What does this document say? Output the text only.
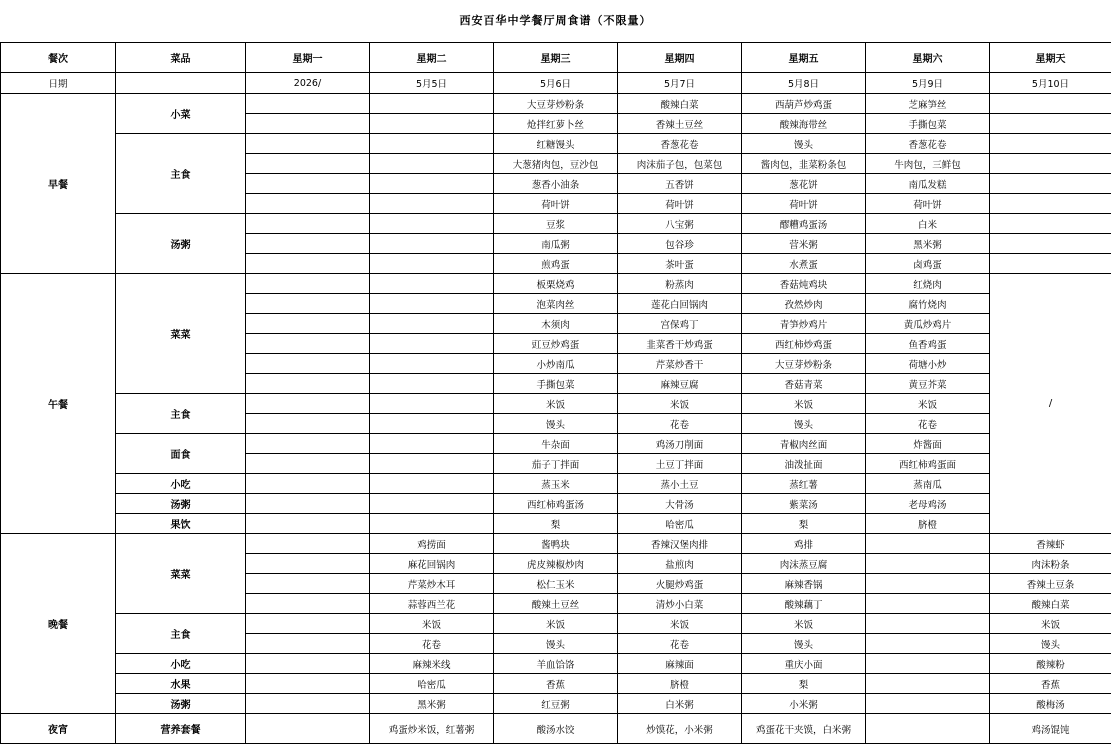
西安百华中学餐厅周食谱（不限量）
餐次	菜品	星期一	星期二	星期三	星期四	星期五	星期六	星期天
日期		2026/	5月5日	5月6日	5月7日	5月8日	5月9日	5月10日
早餐	小菜			大豆芽炒粉条	酸辣白菜	西葫芦炒鸡蛋	芝麻笋丝	
				炝拌红萝卜丝	香辣土豆丝	酸辣海带丝	手撕包菜	
	主食			红糖馒头	香葱花卷	馒头	香葱花卷	
				大葱猪肉包，豆沙包	肉沫茄子包，包菜包	酱肉包，韭菜粉条包	牛肉包，三鲜包	
				葱香小油条	五香饼	葱花饼	南瓜发糕	
				荷叶饼	荷叶饼	荷叶饼	荷叶饼	
	汤粥			豆浆	八宝粥	醪糟鸡蛋汤	白米	
				南瓜粥	包谷珍	营米粥	黑米粥	
				煎鸡蛋	茶叶蛋	水煮蛋	卤鸡蛋	
午餐	菜菜			板栗烧鸡	粉蒸肉	香菇炖鸡块	红烧肉	/
				泡菜肉丝	莲花白回锅肉	孜然炒肉	腐竹烧肉	
				木须肉	宫保鸡丁	青笋炒鸡片	黄瓜炒鸡片	
				豇豆炒鸡蛋	韭菜香干炒鸡蛋	西红柿炒鸡蛋	鱼香鸡蛋	
				小炒南瓜	芹菜炒香干	大豆芽炒粉条	荷塘小炒	
				手撕包菜	麻辣豆腐	香菇青菜	黄豆芥菜	
	主食			米饭	米饭	米饭	米饭	
				馒头	花卷	馒头	花卷	
	面食			牛杂面	鸡汤刀削面	青椒肉丝面	炸酱面	
				茄子丁拌面	土豆丁拌面	油泼扯面	西红柿鸡蛋面	
	小吃			蒸玉米	蒸小土豆	蒸红薯	蒸南瓜	
	汤粥			西红柿鸡蛋汤	大骨汤	紫菜汤	老母鸡汤	
	果饮			梨	哈密瓜	梨	脐橙	
晚餐	菜菜		鸡捞面	酱鸭块	香辣汉堡肉排	鸡排		香辣虾
			麻花回锅肉	虎皮辣椒炒肉	盐煎肉	肉沫蒸豆腐		肉沫粉条
			芹菜炒木耳	松仁玉米	火腿炒鸡蛋	麻辣香锅		香辣土豆条
			蒜蓉西兰花	酸辣土豆丝	清炒小白菜	酸辣藕丁		酸辣白菜
	主食		米饭	米饭	米饭	米饭		米饭
			花卷	馒头	花卷	馒头		馒头
	小吃		麻辣米线	羊血饸饹	麻辣面	重庆小面		酸辣粉
	水果		哈密瓜	香蕉	脐橙	梨		香蕉
	汤粥		黑米粥	红豆粥	白米粥	小米粥		酸梅汤
夜宵	营养套餐		鸡蛋炒米饭，红薯粥	酸汤水饺	炒馍花，小米粥	鸡蛋花干夹馍，白米粥		鸡汤馄饨
